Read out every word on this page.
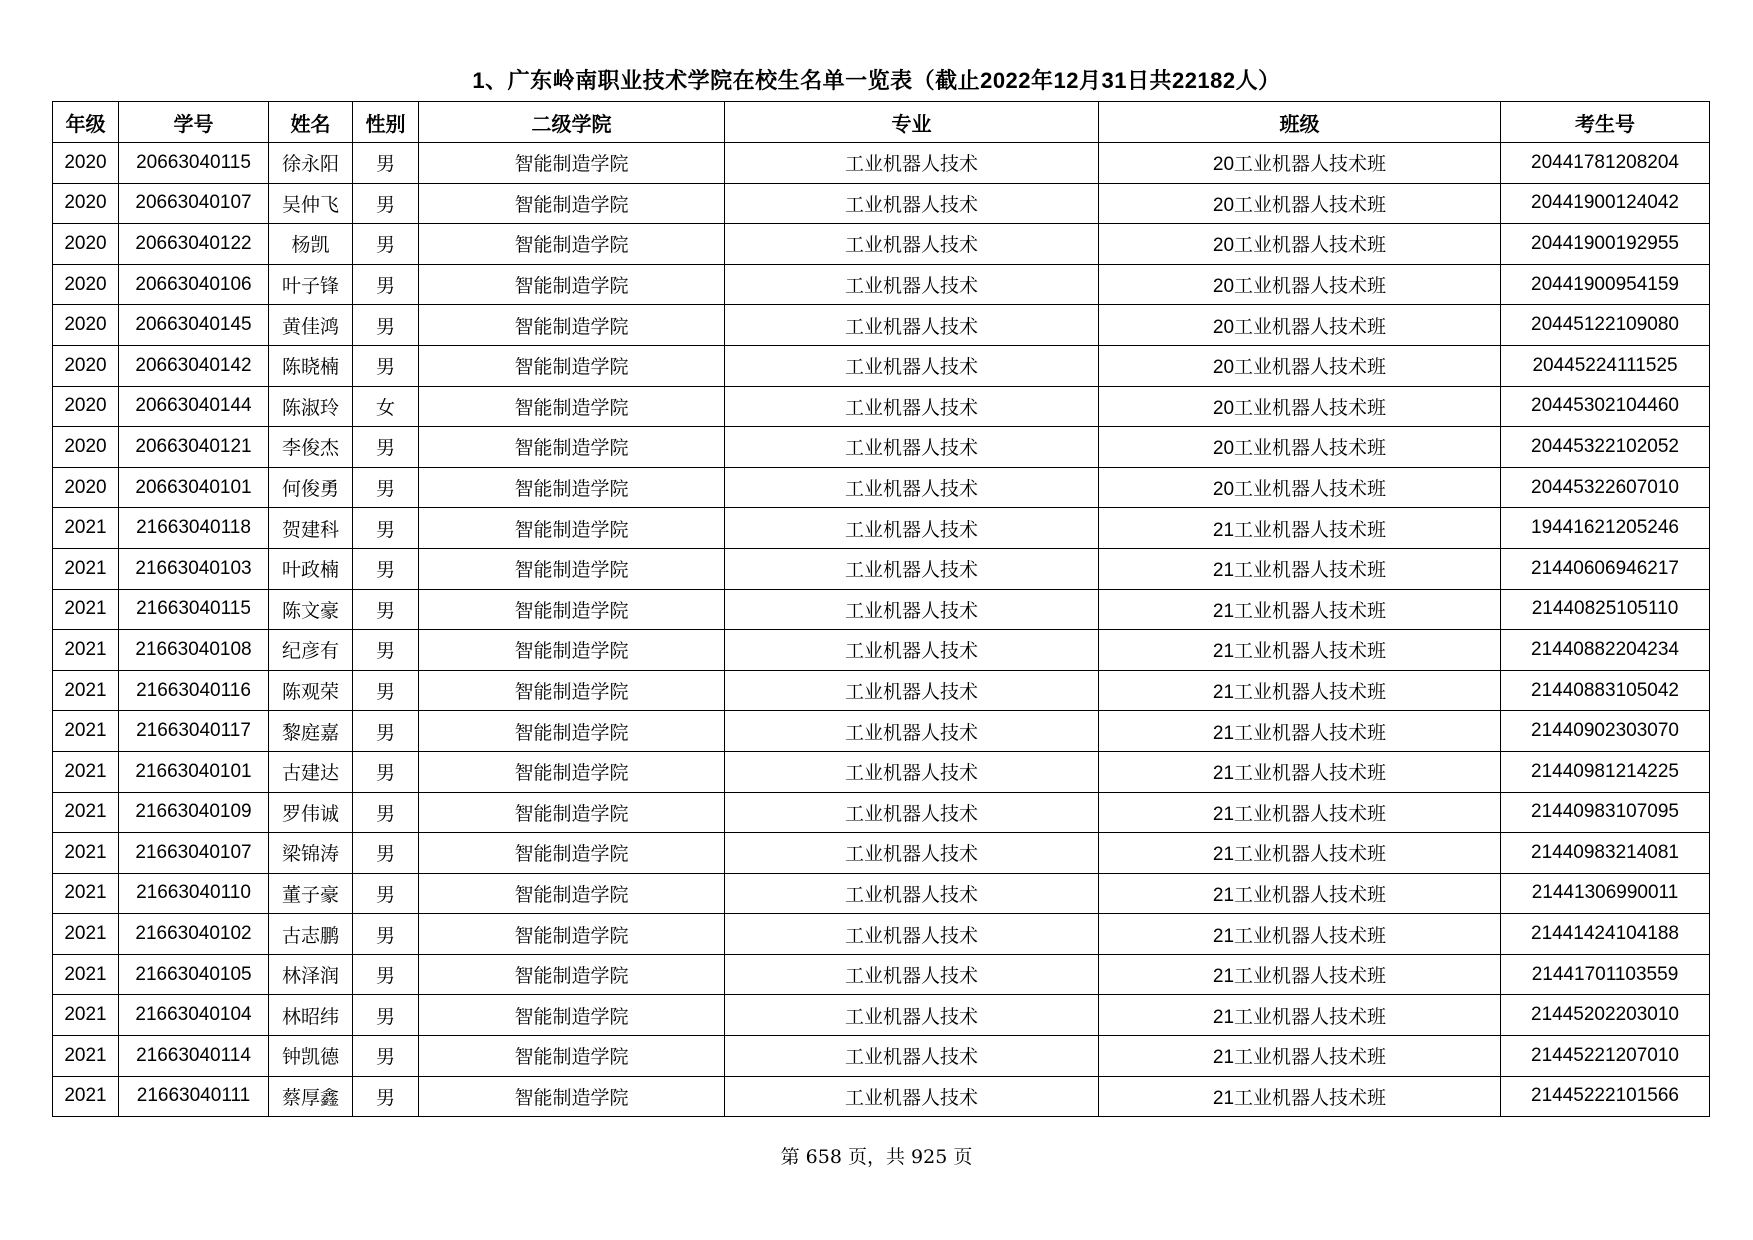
1、广东岭南职业技术学院在校生名单一览表（截止2022年12月31日共22182人）
年级	学号	姓名	性别	二级学院	专业	班级	考生号
2020	20663040115	徐永阳	男	智能制造学院	工业机器人技术	20工业机器人技术班	20441781208204
2020	20663040107	吴仲飞	男	智能制造学院	工业机器人技术	20工业机器人技术班	20441900124042
2020	20663040122	杨凯	男	智能制造学院	工业机器人技术	20工业机器人技术班	20441900192955
2020	20663040106	叶子锋	男	智能制造学院	工业机器人技术	20工业机器人技术班	20441900954159
2020	20663040145	黄佳鸿	男	智能制造学院	工业机器人技术	20工业机器人技术班	20445122109080
2020	20663040142	陈晓楠	男	智能制造学院	工业机器人技术	20工业机器人技术班	20445224111525
2020	20663040144	陈淑玲	女	智能制造学院	工业机器人技术	20工业机器人技术班	20445302104460
2020	20663040121	李俊杰	男	智能制造学院	工业机器人技术	20工业机器人技术班	20445322102052
2020	20663040101	何俊勇	男	智能制造学院	工业机器人技术	20工业机器人技术班	20445322607010
2021	21663040118	贺建科	男	智能制造学院	工业机器人技术	21工业机器人技术班	19441621205246
2021	21663040103	叶政楠	男	智能制造学院	工业机器人技术	21工业机器人技术班	21440606946217
2021	21663040115	陈文豪	男	智能制造学院	工业机器人技术	21工业机器人技术班	21440825105110
2021	21663040108	纪彦有	男	智能制造学院	工业机器人技术	21工业机器人技术班	21440882204234
2021	21663040116	陈观荣	男	智能制造学院	工业机器人技术	21工业机器人技术班	21440883105042
2021	21663040117	黎庭嘉	男	智能制造学院	工业机器人技术	21工业机器人技术班	21440902303070
2021	21663040101	古建达	男	智能制造学院	工业机器人技术	21工业机器人技术班	21440981214225
2021	21663040109	罗伟诚	男	智能制造学院	工业机器人技术	21工业机器人技术班	21440983107095
2021	21663040107	梁锦涛	男	智能制造学院	工业机器人技术	21工业机器人技术班	21440983214081
2021	21663040110	董子豪	男	智能制造学院	工业机器人技术	21工业机器人技术班	21441306990011
2021	21663040102	古志鹏	男	智能制造学院	工业机器人技术	21工业机器人技术班	21441424104188
2021	21663040105	林泽润	男	智能制造学院	工业机器人技术	21工业机器人技术班	21441701103559
2021	21663040104	林昭纬	男	智能制造学院	工业机器人技术	21工业机器人技术班	21445202203010
2021	21663040114	钟凯德	男	智能制造学院	工业机器人技术	21工业机器人技术班	21445221207010
2021	21663040111	蔡厚鑫	男	智能制造学院	工业机器人技术	21工业机器人技术班	21445222101566
第 658 页，共 925 页
